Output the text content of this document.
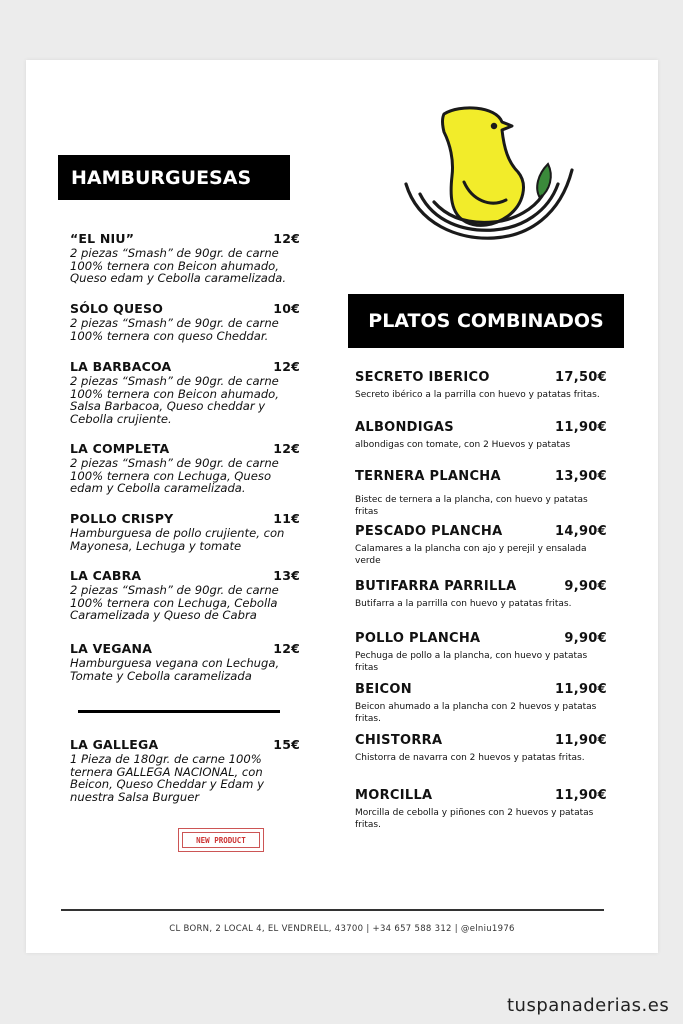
HAMBURGUESAS
“EL NIU”	12€
2 piezas “Smash” de 90gr. de carne 100% ternera con Beicon ahumado, Queso edam y Cebolla caramelizada.
SÓLO QUESO	10€
2 piezas “Smash” de 90gr. de carne 100% ternera con queso Cheddar.
LA BARBACOA	12€
2 piezas “Smash” de 90gr. de carne 100% ternera con Beicon ahumado, Salsa Barbacoa, Queso cheddar y Cebolla crujiente.
LA COMPLETA	12€
2 piezas “Smash” de 90gr. de carne 100% ternera con Lechuga, Queso edam y Cebolla caramelizada.
POLLO CRISPY	11€
Hamburguesa de pollo crujiente, con Mayonesa, Lechuga y tomate
LA CABRA	13€
2 piezas “Smash” de 90gr. de carne 100% ternera con Lechuga, Cebolla Caramelizada y Queso de Cabra
LA VEGANA	12€
Hamburguesa vegana con Lechuga, Tomate y Cebolla caramelizada
LA GALLEGA	15€
1 Pieza de 180gr. de carne 100% ternera GALLEGA NACIONAL, con Beicon, Queso Cheddar y Edam y nuestra Salsa Burguer
NEW PRODUCT
PLATOS COMBINADOS
SECRETO IBERICO	17,50€
Secreto ibérico a la parrilla con huevo y patatas fritas.
ALBONDIGAS	11,90€
albondigas con tomate, con 2 Huevos y patatas
TERNERA PLANCHA	13,90€
Bistec de ternera a la plancha, con huevo y patatas fritas
PESCADO PLANCHA	14,90€
Calamares a la plancha con ajo y perejil y ensalada verde
BUTIFARRA PARRILLA	9,90€
Butifarra a la parrilla con huevo y patatas fritas.
POLLO PLANCHA	9,90€
Pechuga de pollo a la plancha, con huevo y patatas fritas
BEICON	11,90€
Beicon ahumado a la plancha con 2 huevos y patatas fritas.
CHISTORRA	11,90€
Chistorra de navarra con 2 huevos y patatas fritas.
MORCILLA	11,90€
Morcilla de cebolla y piñones con 2 huevos y patatas fritas.
CL BORN, 2 LOCAL 4, EL VENDRELL, 43700 | +34 657 588 312 | @elniu1976
tuspanaderias.es
